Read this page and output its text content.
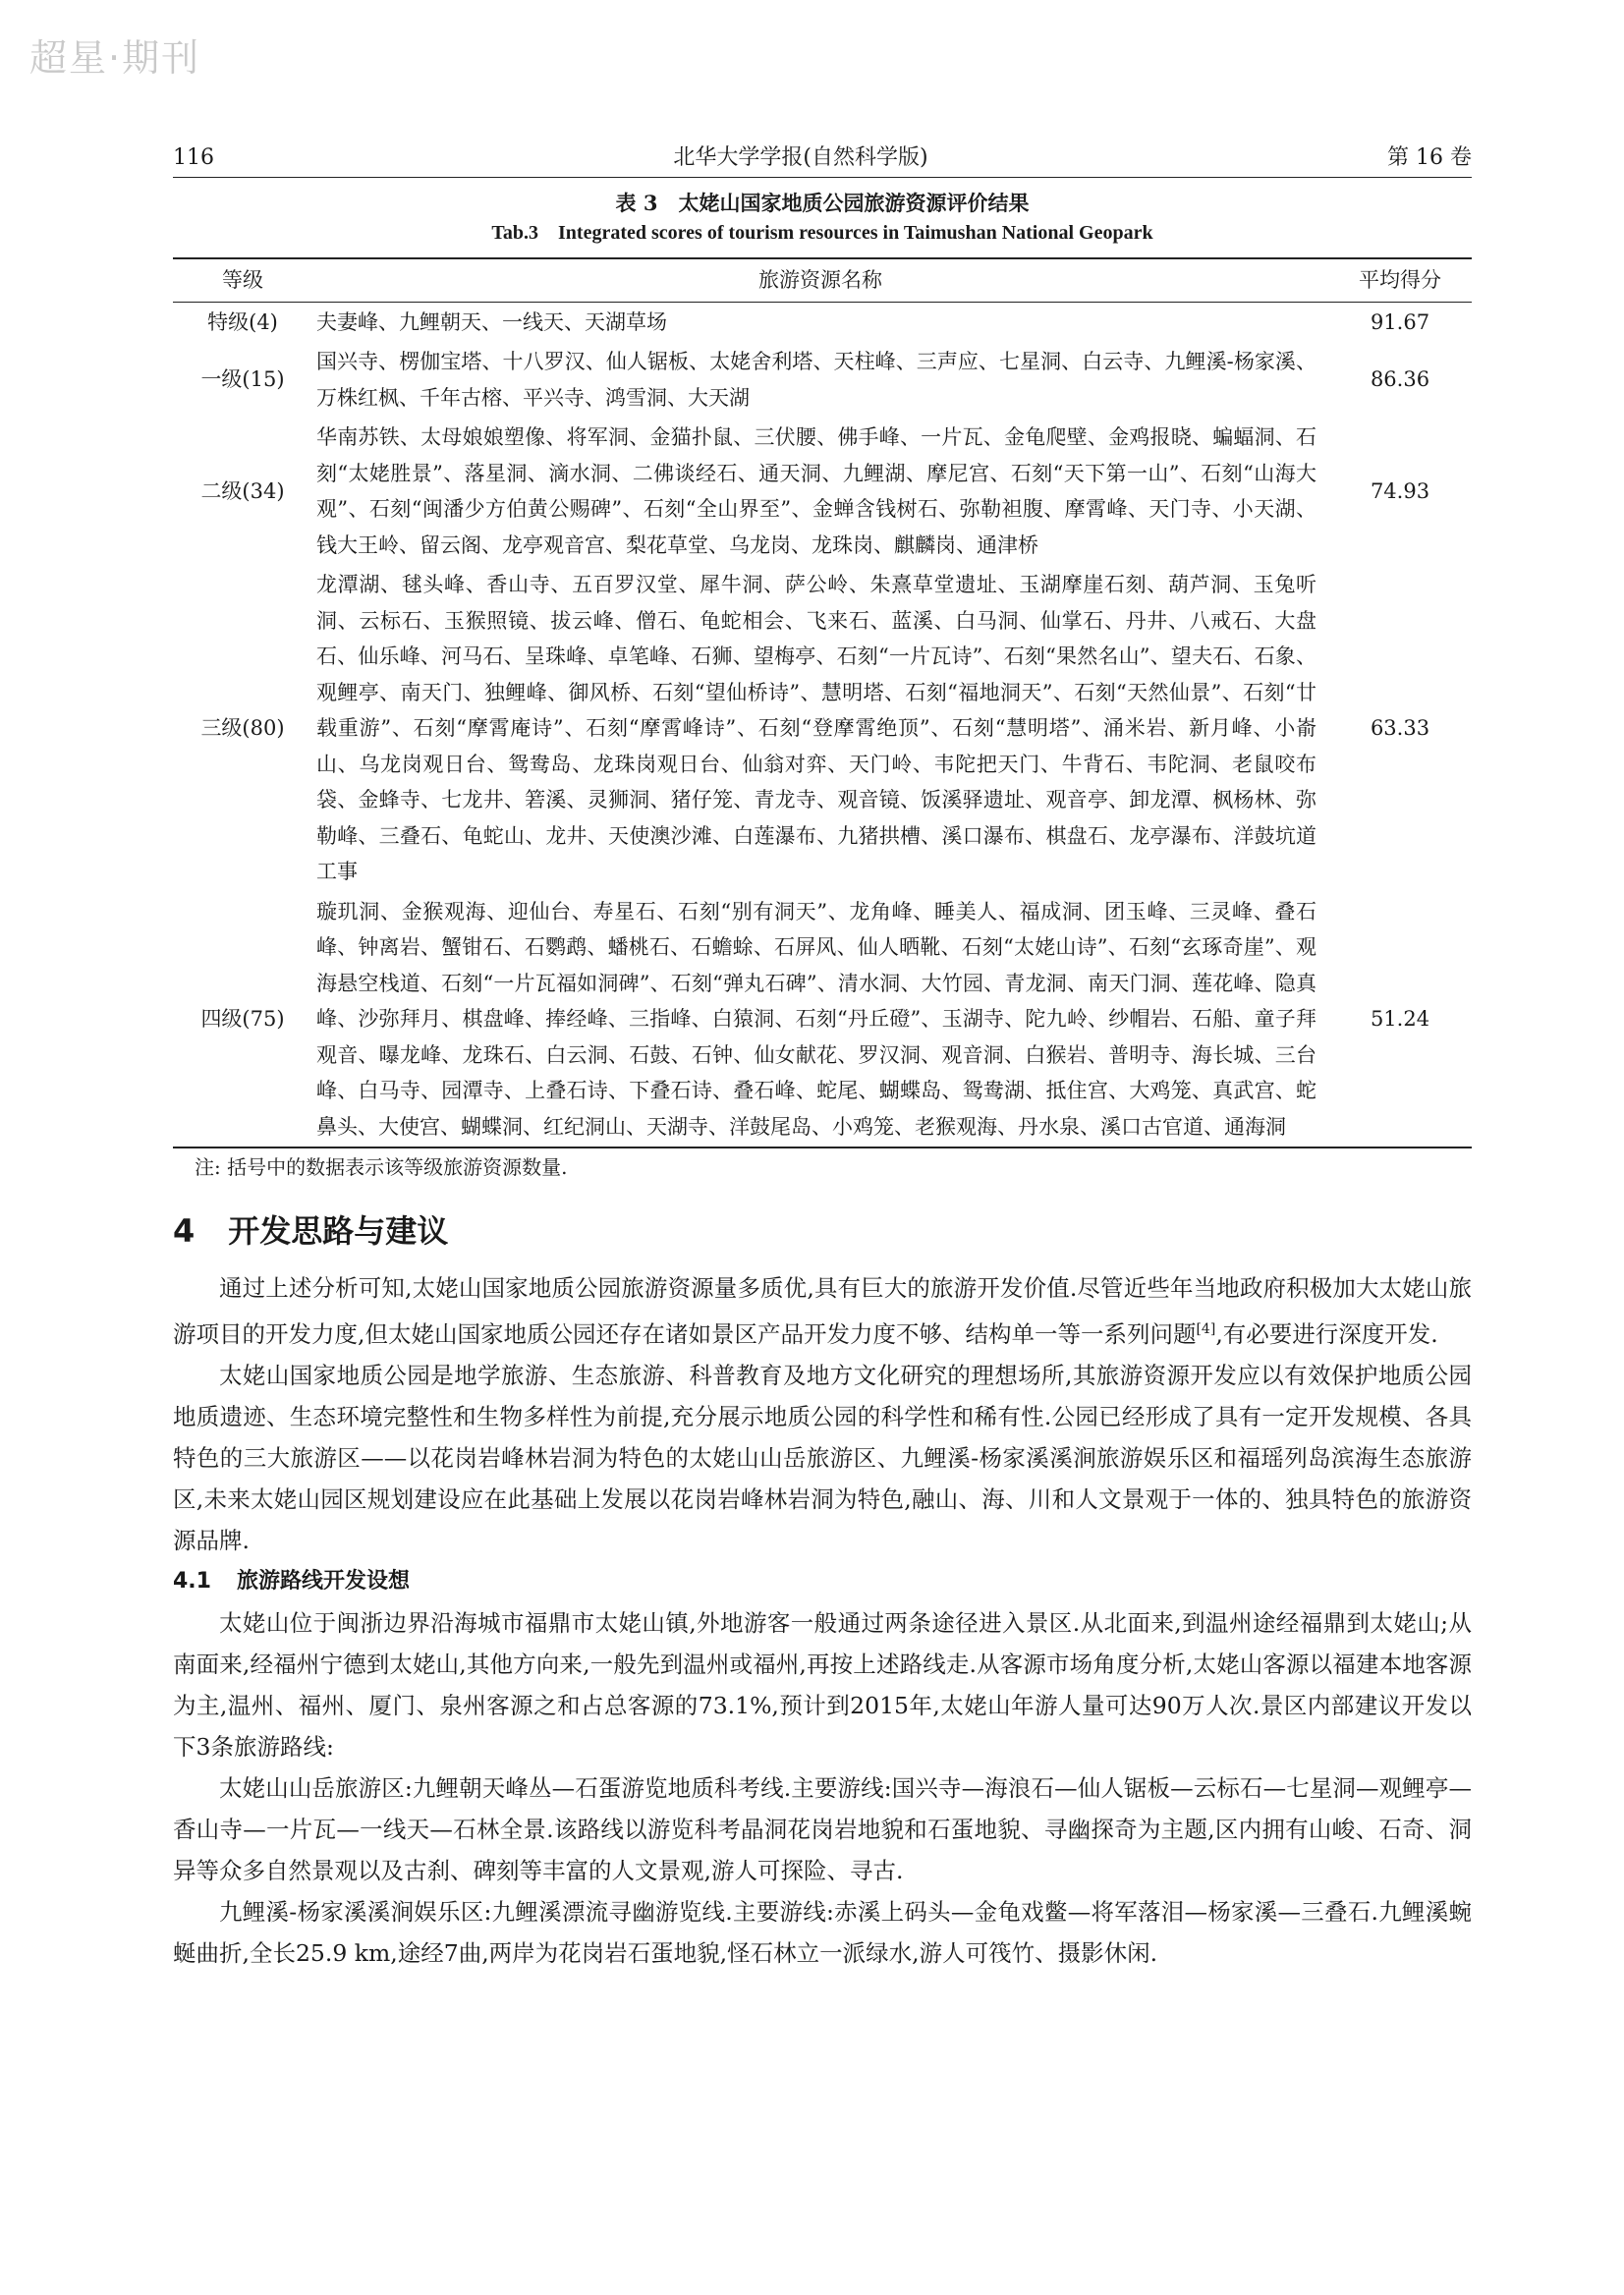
超星·期刊
116	北华大学学报(自然科学版)	第 16 卷
表 3　太姥山国家地质公园旅游资源评价结果
Tab.3　Integrated scores of tourism resources in Taimushan National Geopark
等级	旅游资源名称	平均得分
特级(4)	夫妻峰、九鲤朝天、一线天、天湖草场	91.67
一级(15)	国兴寺、楞伽宝塔、十八罗汉、仙人锯板、太姥舍利塔、天柱峰、三声应、七星洞、白云寺、九鲤溪-杨家溪、万株红枫、千年古榕、平兴寺、鸿雪洞、大天湖	86.36
二级(34)	华南苏铁、太母娘娘塑像、将军洞、金猫扑鼠、三伏腰、佛手峰、一片瓦、金龟爬壁、金鸡报晓、蝙蝠洞、石刻“太姥胜景”、落星洞、滴水洞、二佛谈经石、通天洞、九鲤湖、摩尼宫、石刻“天下第一山”、石刻“山海大观”、石刻“闽潘少方伯黄公赐碑”、石刻“全山界至”、金蝉含钱树石、弥勒袒腹、摩霄峰、天门寺、小天湖、钱大王岭、留云阁、龙亭观音宫、梨花草堂、乌龙岗、龙珠岗、麒麟岗、通津桥	74.93
三级(80)	龙潭湖、毬头峰、香山寺、五百罗汉堂、犀牛洞、萨公岭、朱熹草堂遗址、玉湖摩崖石刻、葫芦洞、玉兔听洞、云标石、玉猴照镜、拔云峰、僧石、龟蛇相会、飞来石、蓝溪、白马洞、仙掌石、丹井、八戒石、大盘石、仙乐峰、河马石、呈珠峰、卓笔峰、石狮、望梅亭、石刻“一片瓦诗”、石刻“果然名山”、望夫石、石象、观鲤亭、南天门、独鲤峰、御风桥、石刻“望仙桥诗”、慧明塔、石刻“福地洞天”、石刻“天然仙景”、石刻“廿载重游”、石刻“摩霄庵诗”、石刻“摩霄峰诗”、石刻“登摩霄绝顶”、石刻“慧明塔”、涌米岩、新月峰、小嵛山、乌龙岗观日台、鸳鸯岛、龙珠岗观日台、仙翁对弈、天门岭、韦陀把天门、牛背石、韦陀洞、老鼠咬布袋、金蜂寺、七龙井、箬溪、灵狮洞、猪仔笼、青龙寺、观音镜、饭溪驿遗址、观音亭、卸龙潭、枫杨林、弥勒峰、三叠石、龟蛇山、龙井、天使澳沙滩、白莲瀑布、九猪拱槽、溪口瀑布、棋盘石、龙亭瀑布、洋鼓坑道工事	63.33
四级(75)	璇玑洞、金猴观海、迎仙台、寿星石、石刻“别有洞天”、龙角峰、睡美人、福成洞、团玉峰、三灵峰、叠石峰、钟离岩、蟹钳石、石鹦鹉、蟠桃石、石蟾蜍、石屏风、仙人晒靴、石刻“太姥山诗”、石刻“玄琢奇崖”、观海悬空栈道、石刻“一片瓦福如洞碑”、石刻“弹丸石碑”、清水洞、大竹园、青龙洞、南天门洞、莲花峰、隐真峰、沙弥拜月、棋盘峰、捧经峰、三指峰、白猿洞、石刻“丹丘磴”、玉湖寺、陀九岭、纱帽岩、石船、童子拜观音、曝龙峰、龙珠石、白云洞、石鼓、石钟、仙女献花、罗汉洞、观音洞、白猴岩、普明寺、海长城、三台峰、白马寺、园潭寺、上叠石诗、下叠石诗、叠石峰、蛇尾、蝴蝶岛、鸳鸯湖、抵住宫、大鸡笼、真武宫、蛇鼻头、大使宫、蝴蝶洞、红纪洞山、天湖寺、洋鼓尾岛、小鸡笼、老猴观海、丹水泉、溪口古官道、通海洞	51.24
注: 括号中的数据表示该等级旅游资源数量.
4 开发思路与建议

通过上述分析可知,太姥山国家地质公园旅游资源量多质优,具有巨大的旅游开发价值.尽管近些年当地政府积极加大太姥山旅游项目的开发力度,但太姥山国家地质公园还存在诸如景区产品开发力度不够、结构单一等一系列问题[4],有必要进行深度开发.

太姥山国家地质公园是地学旅游、生态旅游、科普教育及地方文化研究的理想场所,其旅游资源开发应以有效保护地质公园地质遗迹、生态环境完整性和生物多样性为前提,充分展示地质公园的科学性和稀有性.公园已经形成了具有一定开发规模、各具特色的三大旅游区——以花岗岩峰林岩洞为特色的太姥山山岳旅游区、九鲤溪-杨家溪溪涧旅游娱乐区和福瑶列岛滨海生态旅游区,未来太姥山园区规划建设应在此基础上发展以花岗岩峰林岩洞为特色,融山、海、川和人文景观于一体的、独具特色的旅游资源品牌.

4.1 旅游路线开发设想

太姥山位于闽浙边界沿海城市福鼎市太姥山镇,外地游客一般通过两条途径进入景区.从北面来,到温州途经福鼎到太姥山;从南面来,经福州宁德到太姥山,其他方向来,一般先到温州或福州,再按上述路线走.从客源市场角度分析,太姥山客源以福建本地客源为主,温州、福州、厦门、泉州客源之和占总客源的73.1%,预计到2015年,太姥山年游人量可达90万人次.景区内部建议开发以下3条旅游路线:

太姥山山岳旅游区:九鲤朝天峰丛—石蛋游览地质科考线.主要游线:国兴寺—海浪石—仙人锯板—云标石—七星洞—观鲤亭—香山寺—一片瓦—一线天—石林全景.该路线以游览科考晶洞花岗岩地貌和石蛋地貌、寻幽探奇为主题,区内拥有山峻、石奇、洞异等众多自然景观以及古刹、碑刻等丰富的人文景观,游人可探险、寻古.

九鲤溪-杨家溪溪涧娱乐区:九鲤溪漂流寻幽游览线.主要游线:赤溪上码头—金龟戏鳖—将军落泪—杨家溪—三叠石.九鲤溪蜿蜒曲折,全长25.9 km,途经7曲,两岸为花岗岩石蛋地貌,怪石林立一派绿水,游人可筏竹、摄影休闲.
